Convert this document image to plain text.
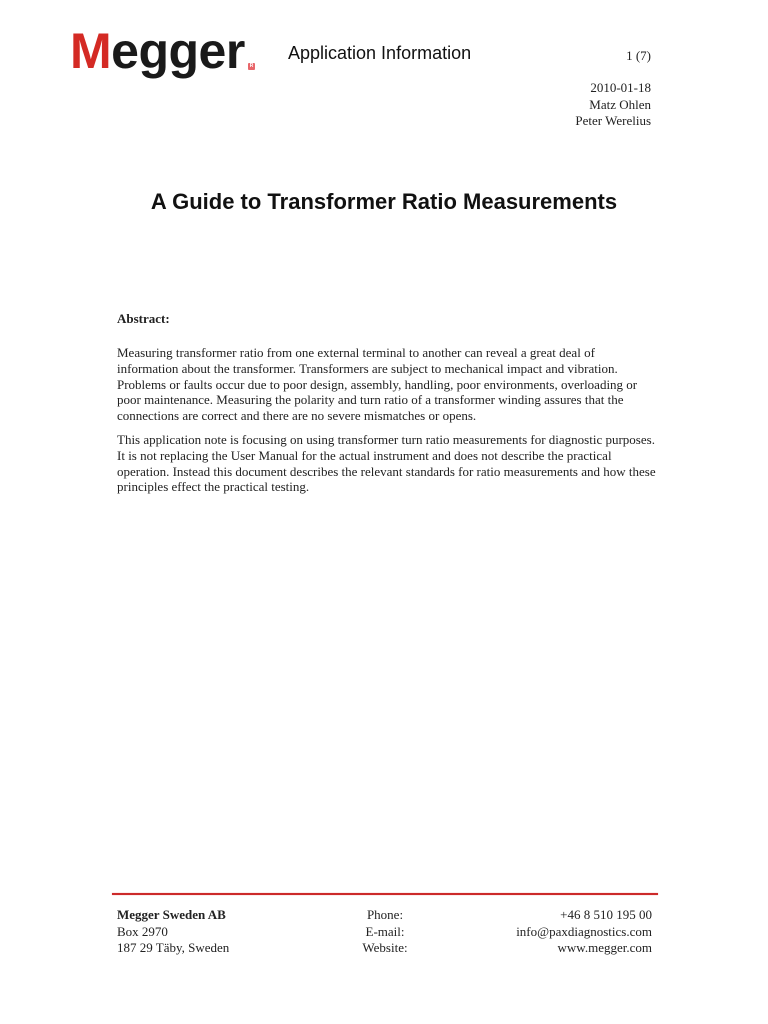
M egger R
Application Information	1 (7)
2010-01-18
Matz Ohlen
Peter Werelius
A Guide to Transformer Ratio Measurements
Abstract:

Measuring transformer ratio from one external terminal to another can reveal a great deal of information about the transformer. Transformers are subject to mechanical impact and vibration. Problems or faults occur due to poor design, assembly, handling, poor environments, overloading or poor maintenance. Measuring the polarity and turn ratio of a transformer winding assures that the connections are correct and there are no severe mismatches or opens.

This application note is focusing on using transformer turn ratio measurements for diagnostic purposes. It is not replacing the User Manual for the actual instrument and does not describe the practical operation. Instead this document describes the relevant standards for ratio measurements and how these principles effect the practical testing.

Megger Sweden AB
Box 2970
187 29 Täby, Sweden
Phone:
E-mail:
Website:
+46 8 510 195 00
info@paxdiagnostics.com
www.megger.com
